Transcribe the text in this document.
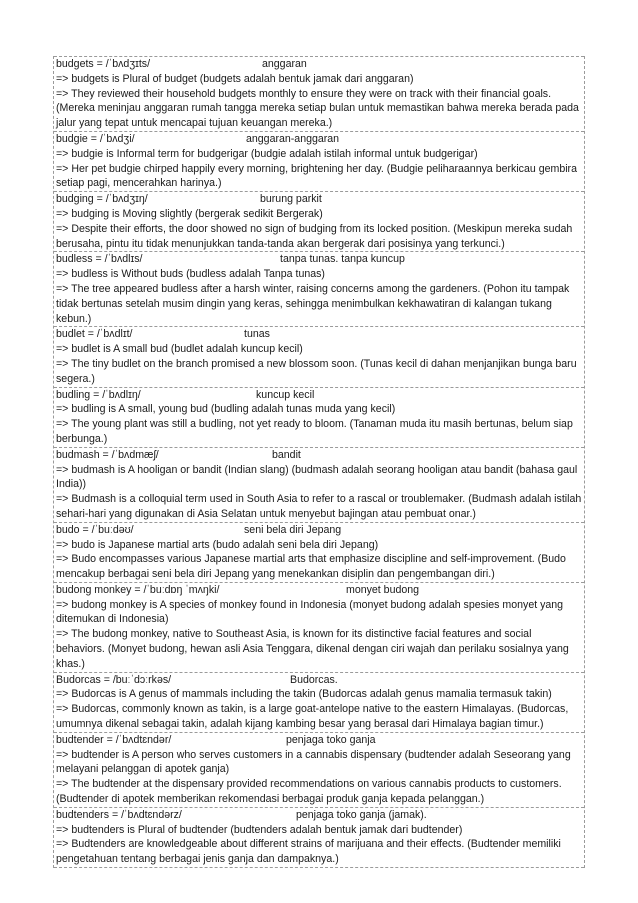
budgets = /ˈbʌdʒɪts/	anggaran
=> budgets is Plural of budget (budgets adalah bentuk jamak dari anggaran)
=> They reviewed their household budgets monthly to ensure they were on track with their financial goals. (Mereka meninjau anggaran rumah tangga mereka setiap bulan untuk memastikan bahwa mereka berada pada jalur yang tepat untuk mencapai tujuan keuangan mereka.)
budgie = /ˈbʌdʒi/	anggaran-anggaran
=> budgie is Informal term for budgerigar (budgie adalah istilah informal untuk budgerigar)
=> Her pet budgie chirped happily every morning, brightening her day. (Budgie peliharaannya berkicau gembira setiap pagi, mencerahkan harinya.)
budging = /ˈbʌdʒɪŋ/	burung parkit
=> budging is Moving slightly (bergerak sedikit Bergerak)
=> Despite their efforts, the door showed no sign of budging from its locked position. (Meskipun mereka sudah berusaha, pintu itu tidak menunjukkan tanda-tanda akan bergerak dari posisinya yang terkunci.)
budless = /ˈbʌdlɪs/	tanpa tunas. tanpa kuncup
=> budless is Without buds (budless adalah Tanpa tunas)
=> The tree appeared budless after a harsh winter, raising concerns among the gardeners. (Pohon itu tampak tidak bertunas setelah musim dingin yang keras, sehingga menimbulkan kekhawatiran di kalangan tukang kebun.)
budlet = /ˈbʌdlɪt/	tunas
=> budlet is A small bud (budlet adalah kuncup kecil)
=> The tiny budlet on the branch promised a new blossom soon. (Tunas kecil di dahan menjanjikan bunga baru segera.)
budling = /ˈbʌdlɪŋ/	kuncup kecil
=> budling is A small, young bud (budling adalah tunas muda yang kecil)
=> The young plant was still a budling, not yet ready to bloom. (Tanaman muda itu masih bertunas, belum siap berbunga.)
budmash = /ˈbʌdmæʃ/	bandit
=> budmash is A hooligan or bandit (Indian slang) (budmash adalah seorang hooligan atau bandit (bahasa gaul India))
=> Budmash is a colloquial term used in South Asia to refer to a rascal or troublemaker. (Budmash adalah istilah sehari-hari yang digunakan di Asia Selatan untuk menyebut bajingan atau pembuat onar.)
budo = /ˈbuːdəʊ/	seni bela diri Jepang
=> budo is Japanese martial arts (budo adalah seni bela diri Jepang)
=> Budo encompasses various Japanese martial arts that emphasize discipline and self-improvement. (Budo mencakup berbagai seni bela diri Jepang yang menekankan disiplin dan pengembangan diri.)
budong monkey = /ˈbuːdɒŋ ˈmʌŋki/	monyet budong
=> budong monkey is A species of monkey found in Indonesia (monyet budong adalah spesies monyet yang ditemukan di Indonesia)
=> The budong monkey, native to Southeast Asia, is known for its distinctive facial features and social behaviors. (Monyet budong, hewan asli Asia Tenggara, dikenal dengan ciri wajah dan perilaku sosialnya yang khas.)
Budorcas = /buːˈdɔːrkəs/	Budorcas.
=> Budorcas is A genus of mammals including the takin (Budorcas adalah genus mamalia termasuk takin)
=> Budorcas, commonly known as takin, is a large goat-antelope native to the eastern Himalayas. (Budorcas, umumnya dikenal sebagai takin, adalah kijang kambing besar yang berasal dari Himalaya bagian timur.)
budtender = /ˈbʌdtɛndər/	penjaga toko ganja
=> budtender is A person who serves customers in a cannabis dispensary (budtender adalah Seseorang yang melayani pelanggan di apotek ganja)
=> The budtender at the dispensary provided recommendations on various cannabis products to customers. (Budtender di apotek memberikan rekomendasi berbagai produk ganja kepada pelanggan.)
budtenders = /ˈbʌdtɛndərz/	penjaga toko ganja (jamak).
=> budtenders is Plural of budtender (budtenders adalah bentuk jamak dari budtender)
=> Budtenders are knowledgeable about different strains of marijuana and their effects. (Budtender memiliki pengetahuan tentang berbagai jenis ganja dan dampaknya.)
